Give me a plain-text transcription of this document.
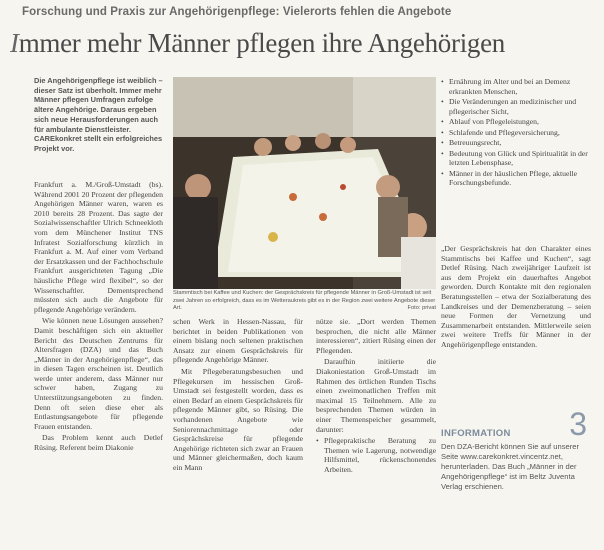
Forschung und Praxis zur Angehörigenpflege: Vielerorts fehlen die Angebote
Immer mehr Männer pflegen ihre Angehörigen
Die Angehörigenpflege ist weiblich – dieser Satz ist überholt. Immer mehr Männer pflegen Umfragen zufolge ältere Angehörige. Daraus ergeben sich neue Herausforderungen auch für ambulante Dienstleister. CAREkonkret stellt ein erfolgreiches Projekt vor.

Frankfurt a. M./Groß-Umstadt (bs). Während 2001 20 Prozent der pflegenden Angehörigen Männer waren, waren es 2010 bereits 28 Prozent. Das sagte der Sozialwissenschaftler Ulrich Schneekloth vom dem Münchener Institut TNS Infratest Sozialforschung kürzlich in Frankfurt a. M. Auf einer vom Verband der Ersatzkassen und der Fachhochschule Frankfurt ausgerichteten Tagung „Die häusliche Pflege wird flexibel“, so der Wissenschaftler. Dementsprechend müssten sich auch die Angebote für pflegende Angehörige verändern.

Wie können neue Lösungen aussehen? Damit beschäftigen sich ein aktueller Bericht des Deutschen Zentrums für Altersfragen (DZA) und das Buch „Männer in der Angehörigenpflege“, das in diesen Tagen erscheinen ist. Deutlich werde unter anderem, dass Männer nur schwer haben, Zugang zu Unterstützungsangeboten zu finden. Denn oft seien diese eher als Entlastungsangebote für pflegende Frauen entstanden.

Das Problem kennt auch Detlef Rüsing. Referent beim Diakonie

Stammtisch bei Kaffee und Kuchen: der Gesprächskreis für pflegende Männer in Groß-Umstadt ist seit zwei Jahren so erfolgreich, dass es im Wetteraukreis gibt es in der Region zwei weitere Angebote dieser Art.	Foto: privat

schen Werk in Hessen-Nassau, für berichtet in beiden Publikationen von einem bislang noch seltenen praktischen Ansatz zur einem Gesprächskreis für pflegende Angehörige Männer.

Mit Pflegeberatungsbesuchen und Pflegekursen im hessischen Groß-Umstadt sei festgestellt worden, dass es einen Bedarf an einem Gesprächskreis für pflegende Männer gibt, so Rüsing. Die vorhandenen Angebote wie Seniorennachmittage oder Gesprächskreise für pflegende Angehörige richteten sich zwar an Frauen und Männer gleichermaßen, doch kaum ein Mann

nütze sie. „Dort werden Themen besprochen, die nicht alle Männer interessieren“, zitiert Rüsing einen der Pflegenden.

Daraufhin initiierte die Diakoniestation Groß-Umstadt im Rahmen des örtlichen Runden Tischs einen zweimonatlichen Treffen mit maximal 15 Teilnehmern. Alle zu besprechenden Themen würden in einer Themenspeicher gesammelt, darunter:

• Pflegepraktische Beratung zu Themen wie Lagerung, notwendige Hilfsmittel, rückenschonendes Arbeiten.
• Ernährung im Alter und bei an Demenz erkrankten Menschen,
• Die Veränderungen an medizinischer und pflegerischer Sicht,
• Ablauf von Pflegeleistungen,
• Schlafende und Pflegeversicherung,
• Betreuungsrecht,
• Bedeutung von Glück und Spiritualität in der letzten Lebensphase,
• Männer in der häuslichen Pflege, aktuelle Forschungsbefunde.

„Der Gesprächskreis hat den Charakter eines Stammtischs bei Kaffee und Kuchen“, sagt Detlef Rüsing. Nach zweijähriger Laufzeit ist aus dem Projekt ein dauerhaftes Angebot geworden. Durch Kontakte mit den regionalen Beratungsstellen – etwa der Sozialberatung des Landkreises und der Demenzberatung – seien neue Formen der Vernetzung und Zusammenarbeit entstanden. Mittlerweile seien zwei weitere Treffs für Männer in der Angehörigenpflege entstanden.

3
INFORMATION
Den DZA-Bericht können Sie auf unserer Seite www.carekonkret.vincentz.net, herunterladen. Das Buch „Männer in der Angehörigenpflege“ ist im Beltz Juventa Verlag erschienen.
